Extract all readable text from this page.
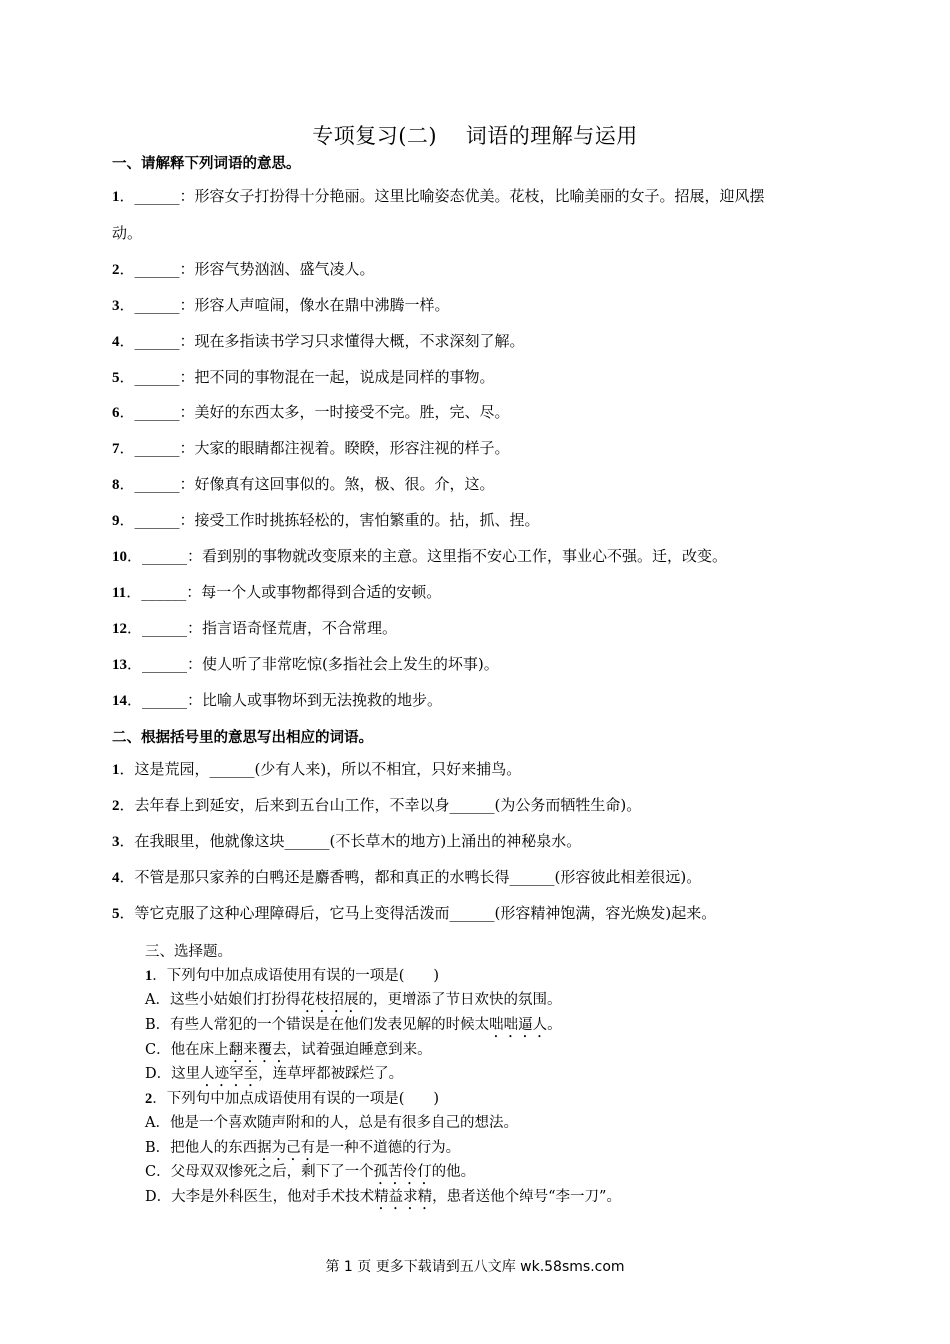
专项复习(二)    词语的理解与运用
一、请解释下列词语的意思。
1．______：形容女子打扮得十分艳丽。这里比喻姿态优美。花枝，比喻美丽的女子。招展，迎风摆
动。
2．______：形容气势汹汹、盛气凌人。
3．______：形容人声喧闹，像水在鼎中沸腾一样。
4．______：现在多指读书学习只求懂得大概，不求深刻了解。
5．______：把不同的事物混在一起，说成是同样的事物。
6．______：美好的东西太多，一时接受不完。胜，完、尽。
7．______：大家的眼睛都注视着。睽睽，形容注视的样子。
8．______：好像真有这回事似的。煞，极、很。介，这。
9．______：接受工作时挑拣轻松的，害怕繁重的。拈，抓、捏。
10．______：看到别的事物就改变原来的主意。这里指不安心工作，事业心不强。迁，改变。
11．______：每一个人或事物都得到合适的安顿。
12．______：指言语奇怪荒唐，不合常理。
13．______：使人听了非常吃惊(多指社会上发生的坏事)。
14．______：比喻人或事物坏到无法挽救的地步。
二、根据括号里的意思写出相应的词语。
1．这是荒园，______(少有人来)，所以不相宜，只好来捕鸟。
2．去年春上到延安，后来到五台山工作，不幸以身______(为公务而牺牲生命)。
3．在我眼里，他就像这块______(不长草木的地方)上涌出的神秘泉水。
4．不管是那只家养的白鸭还是麝香鸭，都和真正的水鸭长得______(形容彼此相差很远)。
5．等它克服了这种心理障碍后，它马上变得活泼而______(形容精神饱满，容光焕发)起来。
三、选择题。
1．下列句中加点成语使用有误的一项是(　　)
A．这些小姑娘们打扮得花枝招展的，更增添了节日欢快的氛围。
B．有些人常犯的一个错误是在他们发表见解的时候太咄咄逼人。
C．他在床上翻来覆去，试着强迫睡意到来。
D．这里人迹罕至，连草坪都被踩烂了。
2．下列句中加点成语使用有误的一项是(　　)
A．他是一个喜欢随声附和的人，总是有很多自己的想法。
B．把他人的东西据为己有是一种不道德的行为。
C．父母双双惨死之后，剩下了一个孤苦伶仃的他。
D．大李是外科医生，他对手术技术精益求精，患者送他个绰号“李一刀”。
第 1 页 更多下载请到五八文库 wk.58sms.com
